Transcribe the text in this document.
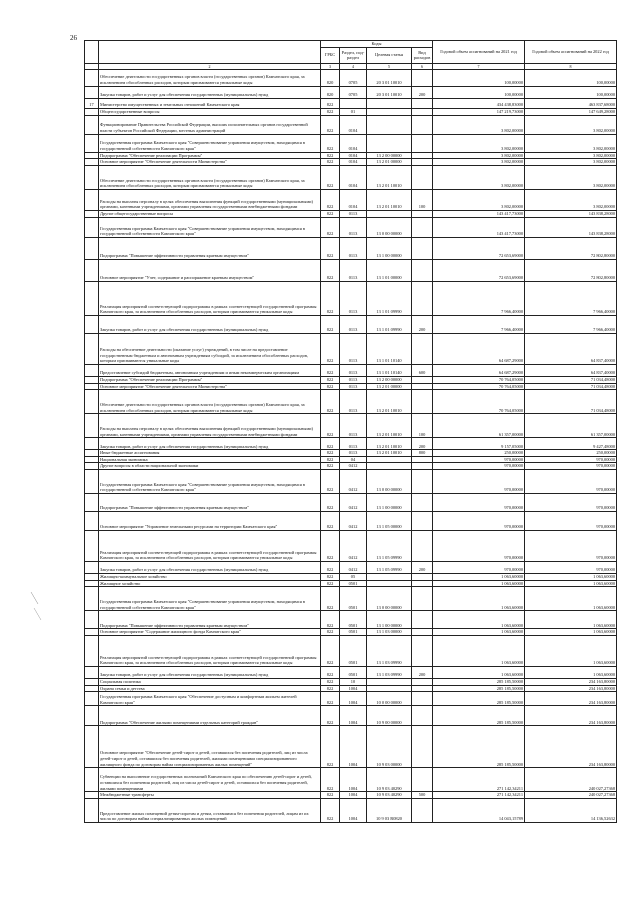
26
		Коды				Годовой объем ассигнований на 2021 год	Годовой объем ассигнований на 2022 год
		ГРБС	Раздел, под-раздел	Целевая статья	Вид расходов		
	2	3	4	5	6	7	8
	Обеспечение деятельности государственных органов власти (государственных органов) Камчатского края, за исключением обособленных расходов, которым присваиваются уникальные коды	820	0705	20 3 01 10010		100,00000	100,00000
	Закупка товаров, работ и услуг для обеспечения государственных (муниципальных) нужд	820	0705	20 3 01 10010	200	100,00000	100,00000
17	Министерство имущественных и земельных отношений Камчатского края	822				434 438,83000	463 837,68000
	Общегосударственные вопросы	822	01			147 219,73000	147 649,28000
	Функционирование Правительства Российской Федерации, высших исполнительных органов государственной власти субъектов Российской Федерации, местных администраций	822	0104			3 802,00000	3 802,00000
	Государственная программа Камчатского края "Совершенствование управления имуществом, находящимся в государственной собственности Камчатского края"	822	0104			3 802,00000	3 802,00000
	Подпрограмма "Обеспечение реализации Программы"	822	0104	13 2 00 00000		3 802,00000	3 802,00000
	Основное мероприятие "Обеспечение деятельности Министерства"	822	0104	13 2 01 00000		3 802,00000	3 802,00000
	Обеспечение деятельности государственных органов власти (государственных органов) Камчатского края, за исключением обособленных расходов, которым присваиваются уникальные коды	822	0104	13 2 01 10010		3 802,00000	3 802,00000
	Расходы на выплаты персоналу в целях обеспечения выполнения функций государственными (муниципальными) органами, казенными учреждениями, органами управления государственными внебюджетными фондами	822	0104	13 2 01 10010	100	3 802,00000	3 802,00000
	Другие общегосударственные вопросы	822	0113			143 417,73000	143 838,28000
	Государственная программа Камчатского края "Совершенствование управления имуществом, находящимся в государственной собственности Камчатского края"	822	0113	13 0 00 00000		143 417,73000	143 838,28000
	Подпрограмма "Повышение эффективности управления краевым имуществом"	822	0113	13 1 00 00000		72 653,69000	72 802,80000
	Основное мероприятие "Учет, содержание и распоряжение краевым имуществом"	822	0113	13 1 01 00000		72 653,69000	72 802,80000
	Реализация мероприятий соответствующей подпрограммы в рамках соответствующей государственной программы Камчатского края, за исключением обособленных расходов, которым присваиваются уникальные коды	822	0113	13 1 01 09990		7 966,40000	7 966,40000
	Закупка товаров, работ и услуг для обеспечения государственных (муниципальных) нужд	822	0113	13 1 01 09990	200	7 966,40000	7 966,40000
	Расходы на обеспечение деятельности (оказание услуг) учреждений, в том числе на предоставление государственным бюджетным и автономным учреждениям субсидий, за исключением обособленных расходов, которым присваиваются уникальные коды	822	0113	13 1 01 10140		64 687,29000	64 837,40000
	Предоставление субсидий бюджетным, автономным учреждениям и иным некоммерческим организациям	822	0113	13 1 01 10140	600	64 687,29000	64 837,40000
	Подпрограмма "Обеспечение реализации Программы"	822	0113	13 2 00 00000		70 764,05000	71 034,48000
	Основное мероприятие "Обеспечение деятельности Министерства"	822	0113	13 2 01 00000		70 764,05000	71 034,48000
	Обеспечение деятельности государственных органов власти (государственных органов) Камчатского края, за исключением обособленных расходов, которым присваиваются уникальные коды	822	0113	13 2 01 10010		70 764,05000	71 034,48000
	Расходы на выплаты персоналу в целях обеспечения выполнения функций государственными (муниципальными) органами, казенными учреждениями, органами управления государственными внебюджетными фондами	822	0113	13 2 01 10010	100	61 357,00000	61 357,00000
	Закупка товаров, работ и услуг для обеспечения государственных (муниципальных) нужд	822	0113	13 2 01 10010	200	9 157,05000	9 427,48000
	Иные бюджетные ассигнования	822	0113	13 2 01 10010	800	250,00000	250,00000
	Национальная экономика	822	04			970,00000	970,00000
	Другие вопросы в области национальной экономики	822	0412			970,00000	970,00000
	Государственная программа Камчатского края "Совершенствование управления имуществом, находящимся в государственной собственности Камчатского края"	822	0412	13 0 00 00000		970,00000	970,00000
	Подпрограмма "Повышение эффективности управления краевым имуществом"	822	0412	13 1 00 00000		970,00000	970,00000
	Основное мероприятие "Управление земельными ресурсами на территории Камчатского края"	822	0412	13 1 05 00000		970,00000	970,00000
	Реализация мероприятий соответствующей подпрограммы в рамках соответствующей государственной программы Камчатского края, за исключением обособленных расходов, которым присваиваются уникальные коды	822	0412	13 1 05 09990		970,00000	970,00000
	Закупка товаров, работ и услуг для обеспечения государственных (муниципальных) нужд	822	0412	13 1 05 09990	200	970,00000	970,00000
	Жилищно-коммунальное хозяйство	822	05			1 063,60000	1 063,60000
	Жилищное хозяйство	822	0501			1 063,60000	1 063,60000
	Государственная программа Камчатского края "Совершенствование управления имуществом, находящимся в государственной собственности Камчатского края"	822	0501	13 0 00 00000		1 063,60000	1 063,60000
	Подпрограмма "Повышение эффективности управления краевым имуществом"	822	0501	13 1 00 00000		1 063,60000	1 063,60000
	Основное мероприятие "Содержание жилищного фонда Камчатского края"	822	0501	13 1 03 00000		1 063,60000	1 063,60000
	Реализация мероприятий соответствующей подпрограммы в рамках соответствующей государственной программы Камчатского края, за исключением обособленных расходов, которым присваиваются уникальные коды	822	0501	13 1 03 09990		1 063,60000	1 063,60000
	Закупка товаров, работ и услуг для обеспечения государственных (муниципальных) нужд	822	0501	13 1 03 09990	200	1 063,60000	1 063,60000
	Социальная политика	822	10			285 185,50000	234 163,80000
	Охрана семьи и детства	822	1004			285 185,50000	234 163,80000
	Государственная программа Камчатского края "Обеспечение доступным и комфортным жильем жителей Камчатского края"	822	1004	10 0 00 00000		285 185,50000	234 163,80000
	Подпрограмма "Обеспечение жилыми помещениями отдельных категорий граждан"	822	1004	10 9 00 00000		285 185,50000	234 163,80000
	Основное мероприятие "Обеспечение детей-сирот и детей, оставшихся без попечения родителей, лиц из числа детей-сирот и детей, оставшихся без попечения родителей, жилыми помещениями специализированного жилищного фонда по договорам найма специализированных жилых помещений"	822	1004	10 9 03 00000		285 185,50000	234 163,80000
	Субвенции на выполнение государственных полномочий Камчатского края по обеспечению детей-сирот и детей, оставшихся без попечения родителей, лиц из числа детей-сирот и детей, оставшихся без попечения родителей, жилыми помещениями	822	1004	10 9 03 40290		271 142,34211	240 027,27368
	Межбюджетные трансферты	822	1004	10 9 03 40290	500	271 142,34211	240 027,27368
	Предоставление жилых помещений детям-сиротам и детям, оставшимся без попечения родителей, лицам из их числа по договорам найма специализированных жилых помещений	822	1004	10 9 03 R0820		14 043,15789	14 136,52632
